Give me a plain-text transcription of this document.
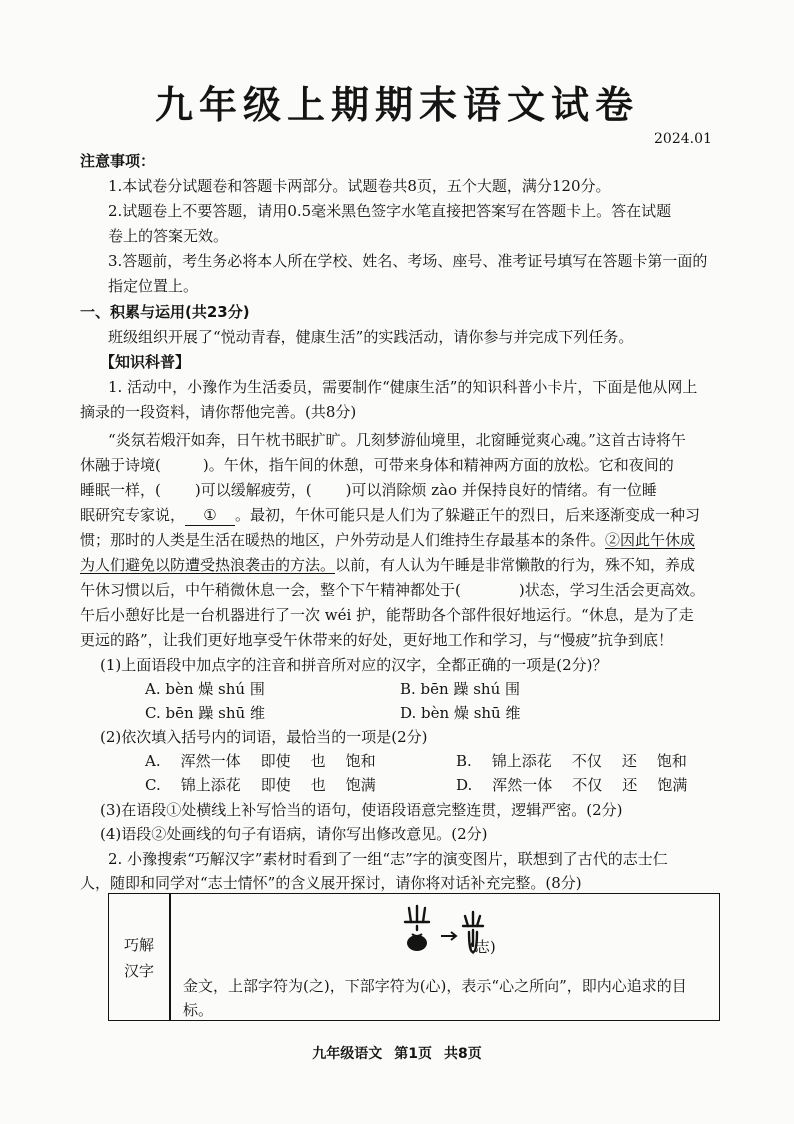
九年级上期期末语文试卷
2024.01
注意事项：
1.本试卷分试题卷和答题卡两部分。试题卷共8页，五个大题，满分120分。
2.试题卷上不要答题，请用0.5毫米黑色签字水笔直接把答案写在答题卡上。答在试题
卷上的答案无效。
3.答题前，考生务必将本人所在学校、姓名、考场、座号、准考证号填写在答题卡第一面的
指定位置上。
一、积累与运用(共23分)
班级组织开展了“悦动青春，健康生活”的实践活动，请你参与并完成下列任务。
【知识科普】
1. 活动中，小豫作为生活委员，需要制作“健康生活”的知识科普小卡片，下面是他从网上
摘录的一段资料，请你帮他完善。(共8分)
“炎氛若煅汗如奔，日午枕书眠扩旷。几刻梦游仙境里，北窗睡觉爽心魂。”这首古诗将午
休融于诗境(	)。午休，指午间的休憩，可带来身体和精神两方面的放松。它和夜间的
睡眠一样，( )可以缓解疲劳，( )可以消除烦 zào 并保持良好的情绪。有一位睡
眠研究专家说， ① 。最初，午休可能只是人们为了躲避正午的烈日，后来逐渐变成一种习
惯；那时的人类是生活在暖热的地区，户外劳动是人们维持生存最基本的条件。②因此午休成
为人们避免以防遭受热浪袭击的方法。以前，有人认为午睡是非常懒散的行为，殊不知，养成
午休习惯以后，中午稍微休息一会，整个下午精神都处于(	)状态，学习生活会更高效。
午后小憩好比是一台机器进行了一次 wéi 护，能帮助各个部件很好地运行。“休息，是为了走
更远的路”，让我们更好地享受午休带来的好处，更好地工作和学习，与“慢疲”抗争到底！
(1)上面语段中加点字的注音和拼音所对应的汉字，全都正确的一项是(2分)？
A. bèn 燥 shú 围	B. bēn 躁 shú 围
C. bēn 躁 shū 维	D. bèn 燥 shū 维
(2)依次填入括号内的词语，最恰当的一项是(2分)
A. 浑然一体 即使 也 饱和	B. 锦上添花 不仅 还 饱和
C. 锦上添花 即使 也 饱满	D. 浑然一体 不仅 还 饱满
(3)在语段①处横线上补写恰当的语句，使语段语意完整连贯，逻辑严密。(2分)
(4)语段②处画线的句子有语病，请你写出修改意见。(2分)
2. 小豫搜索“巧解汉字”素材时看到了一组“志”字的演变图片，联想到了古代的志士仁
人，随即和同学对“志士情怀”的含义展开探讨，请你将对话补充完整。(8分)
巧解
汉字
(志)
金文，上部字符为(之)，下部字符为(心)，表示“心之所向”，即内心追求的目标。
九年级语文 第1页 共8页
